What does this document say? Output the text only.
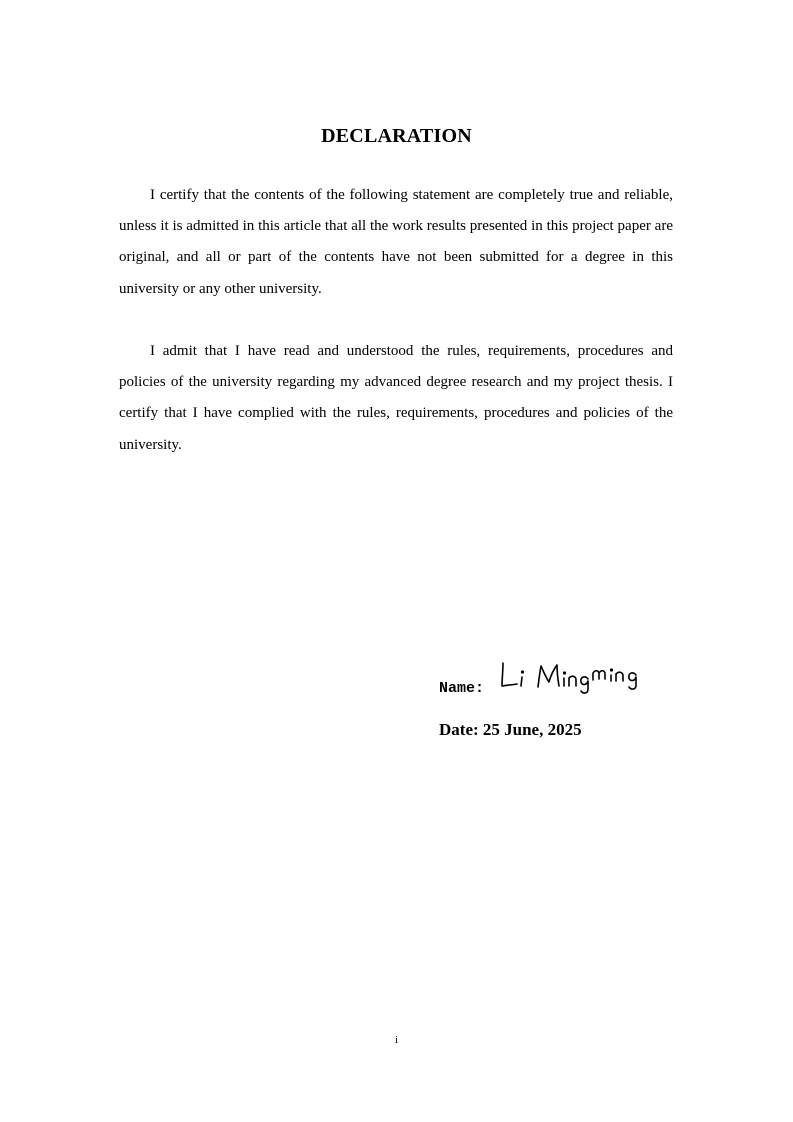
DECLARATION

I certify that the contents of the following statement are completely true and reliable, unless it is admitted in this article that all the work results presented in this project paper are original, and all or part of the contents have not been submitted for a degree in this university or any other university.

I admit that I have read and understood the rules, requirements, procedures and policies of the university regarding my advanced degree research and my project thesis. I certify that I have complied with the rules, requirements, procedures and policies of the university.

Name:
Date: 25 June, 2025
i
